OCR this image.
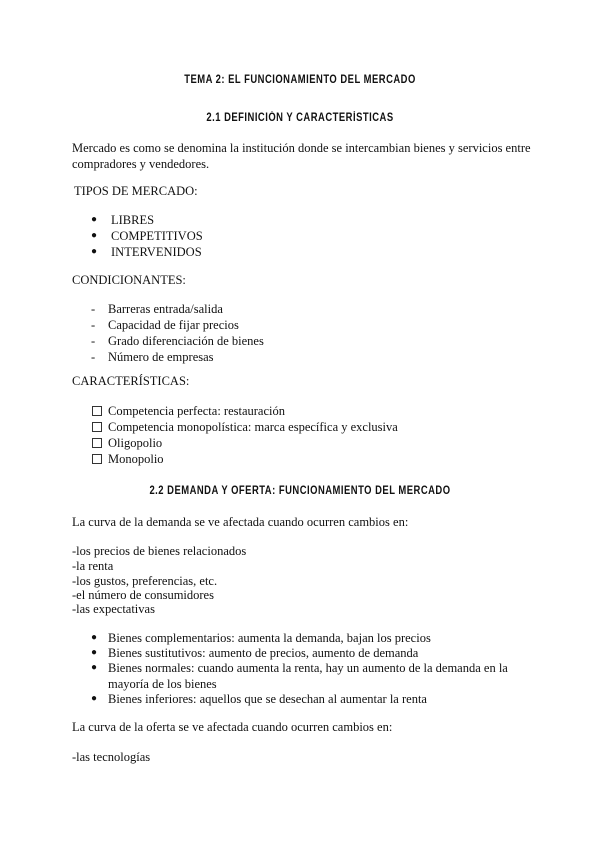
TEMA 2: EL FUNCIONAMIENTO DEL MERCADO
2.1 DEFINICIÓN Y CARACTERÍSTICAS
Mercado es como se denomina la institución donde se intercambian bienes y servicios entre compradores y vendedores.
TIPOS DE MERCADO:
● LIBRES
● COMPETITIVOS
● INTERVENIDOS
CONDICIONANTES:
- Barreras entrada/salida
- Capacidad de fijar precios
- Grado diferenciación de bienes
- Número de empresas
CARACTERÍSTICAS:
Competencia perfecta: restauración
Competencia monopolística: marca específica y exclusiva
Oligopolio
Monopolio
2.2 DEMANDA Y OFERTA: FUNCIONAMIENTO DEL MERCADO
La curva de la demanda se ve afectada cuando ocurren cambios en:
-los precios de bienes relacionados
-la renta
-los gustos, preferencias, etc.
-el número de consumidores
-las expectativas
● Bienes complementarios: aumenta la demanda, bajan los precios
● Bienes sustitutivos: aumento de precios, aumento de demanda
● Bienes normales: cuando aumenta la renta, hay un aumento de la demanda en la mayoría de los bienes
● Bienes inferiores: aquellos que se desechan al aumentar la renta
La curva de la oferta se ve afectada cuando ocurren cambios en:
-las tecnologías
